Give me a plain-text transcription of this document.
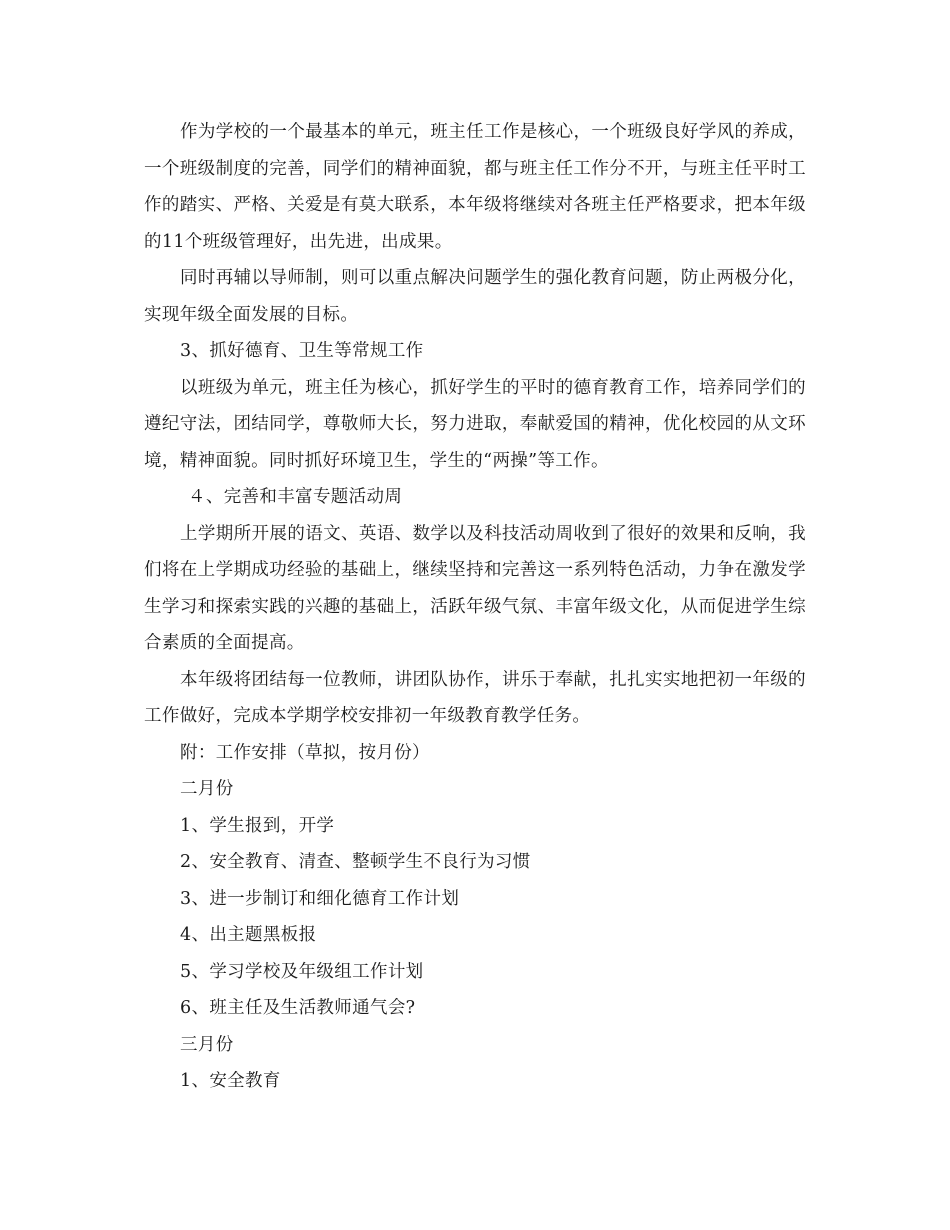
作为学校的一个最基本的单元，班主任工作是核心，一个班级良好学风的养成，一个班级制度的完善，同学们的精神面貌，都与班主任工作分不开，与班主任平时工作的踏实、严格、关爱是有莫大联系，本年级将继续对各班主任严格要求，把本年级的11个班级管理好，出先进，出成果。

同时再辅以导师制，则可以重点解决问题学生的强化教育问题，防止两极分化，实现年级全面发展的目标。

3、抓好德育、卫生等常规工作

以班级为单元，班主任为核心，抓好学生的平时的德育教育工作，培养同学们的遵纪守法，团结同学，尊敬师大长，努力进取，奉献爱国的精神，优化校园的从文环境，精神面貌。同时抓好环境卫生，学生的“两操”等工作。

４、完善和丰富专题活动周

上学期所开展的语文、英语、数学以及科技活动周收到了很好的效果和反响，我们将在上学期成功经验的基础上，继续坚持和完善这一系列特色活动，力争在激发学生学习和探索实践的兴趣的基础上，活跃年级气氛、丰富年级文化，从而促进学生综合素质的全面提高。

本年级将团结每一位教师，讲团队协作，讲乐于奉献，扎扎实实地把初一年级的工作做好，完成本学期学校安排初一年级教育教学任务。

附：工作安排（草拟，按月份）

二月份

1、学生报到，开学

2、安全教育、清查、整顿学生不良行为习惯

3、进一步制订和细化德育工作计划

4、出主题黑板报

5、学习学校及年级组工作计划

6、班主任及生活教师通气会?

三月份

1、安全教育
